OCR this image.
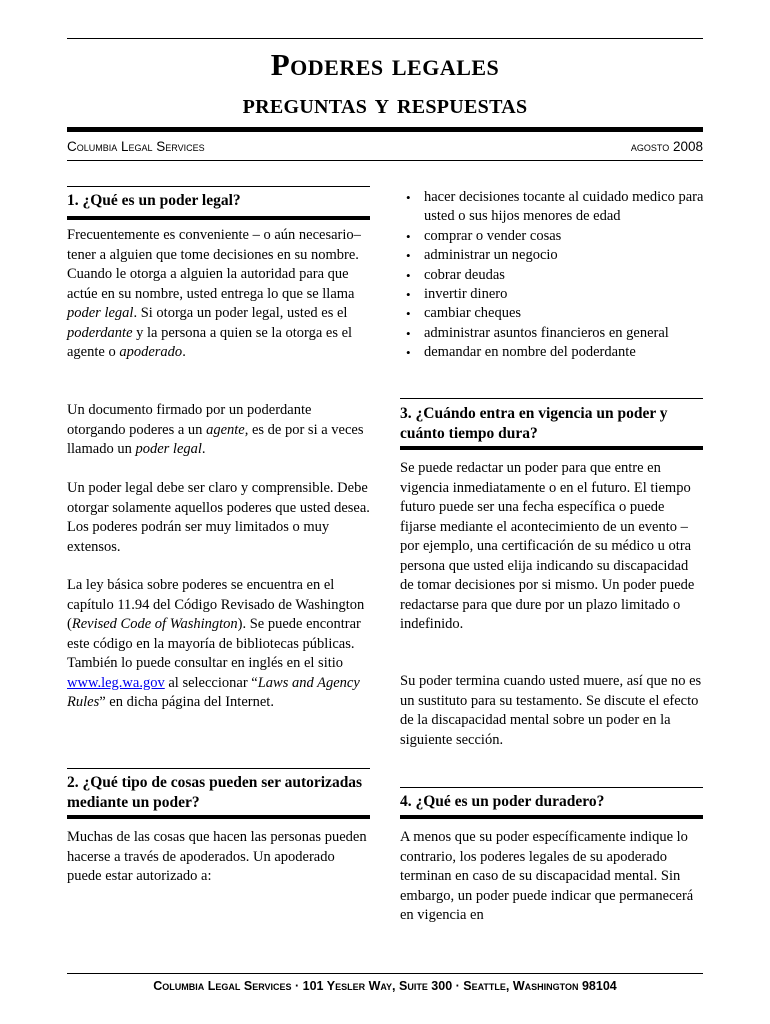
Poderes legales
preguntas y respuestas
Columbia Legal Services	agosto 2008
1. ¿Qué es un poder legal?
Frecuentemente es conveniente – o aún necesario– tener a alguien que tome decisiones en su nombre. Cuando le otorga a alguien la autoridad para que actúe en su nombre, usted entrega lo que se llama poder legal. Si otorga un poder legal, usted es el poderdante y la persona a quien se la otorga es el agente o apoderado.
Un documento firmado por un poderdante otorgando poderes a un agente, es de por si a veces llamado un poder legal.
Un poder legal debe ser claro y comprensible. Debe otorgar solamente aquellos poderes que usted desea. Los poderes podrán ser muy limitados o muy extensos.
La ley básica sobre poderes se encuentra en el capítulo 11.94 del Código Revisado de Washington (Revised Code of Washington). Se puede encontrar este código en la mayoría de bibliotecas públicas. También lo puede consultar en inglés en el sitio www.leg.wa.gov al seleccionar “Laws and Agency Rules” en dicha página del Internet.
2. ¿Qué tipo de cosas pueden ser autorizadas mediante un poder?
Muchas de las cosas que hacen las personas pueden hacerse a través de apoderados. Un apoderado puede estar autorizado a:
• hacer decisiones tocante al cuidado medico para usted o sus hijos menores de edad
• comprar o vender cosas
• administrar un negocio
• cobrar deudas
• invertir dinero
• cambiar cheques
• administrar asuntos financieros en general
• demandar en nombre del poderdante
3. ¿Cuándo entra en vigencia un poder y cuánto tiempo dura?
Se puede redactar un poder para que entre en vigencia inmediatamente o en el futuro. El tiempo futuro puede ser una fecha específica o puede fijarse mediante el acontecimiento de un evento – por ejemplo, una certificación de su médico u otra persona que usted elija indicando su discapacidad de tomar decisiones por si mismo. Un poder puede redactarse para que dure por un plazo limitado o indefinido.
Su poder termina cuando usted muere, así que no es un sustituto para su testamento. Se discute el efecto de la discapacidad mental sobre un poder en la siguiente sección.
4. ¿Qué es un poder duradero?
A menos que su poder específicamente indique lo contrario, los poderes legales de su apoderado terminan en caso de su discapacidad mental. Sin embargo, un poder puede indicar que permanecerá en vigencia en
Columbia Legal Services · 101 Yesler Way, Suite 300 · Seattle, Washington 98104
